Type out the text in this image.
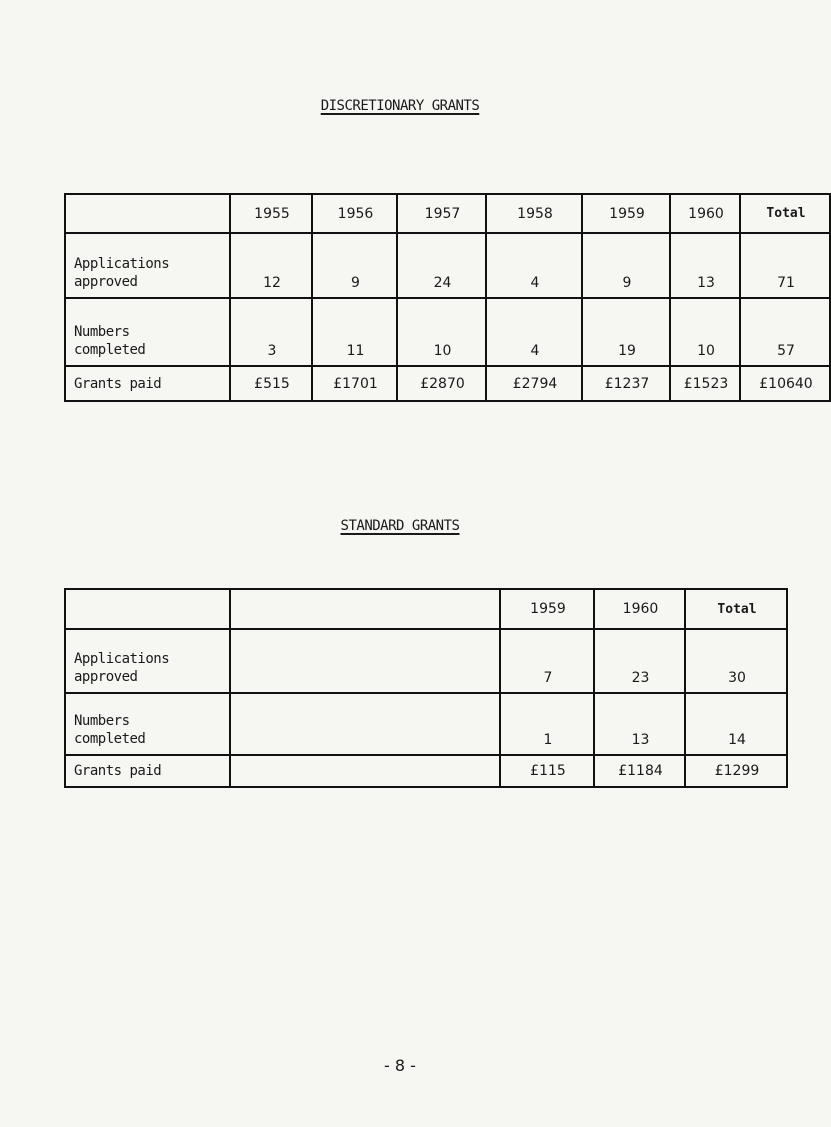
DISCRETIONARY GRANTS
	1955	1956	1957	1958	1959	1960	Total
Applications
approved	12	9	24	4	9	13	71
Numbers
completed	3	11	10	4	19	10	57
Grants paid	£515	£1701	£2870	£2794	£1237	£1523	£10640
STANDARD GRANTS
		1959	1960	Total
Applications
approved		7	23	30
Numbers
completed		1	13	14
Grants paid		£115	£1184	£1299
- 8 -
